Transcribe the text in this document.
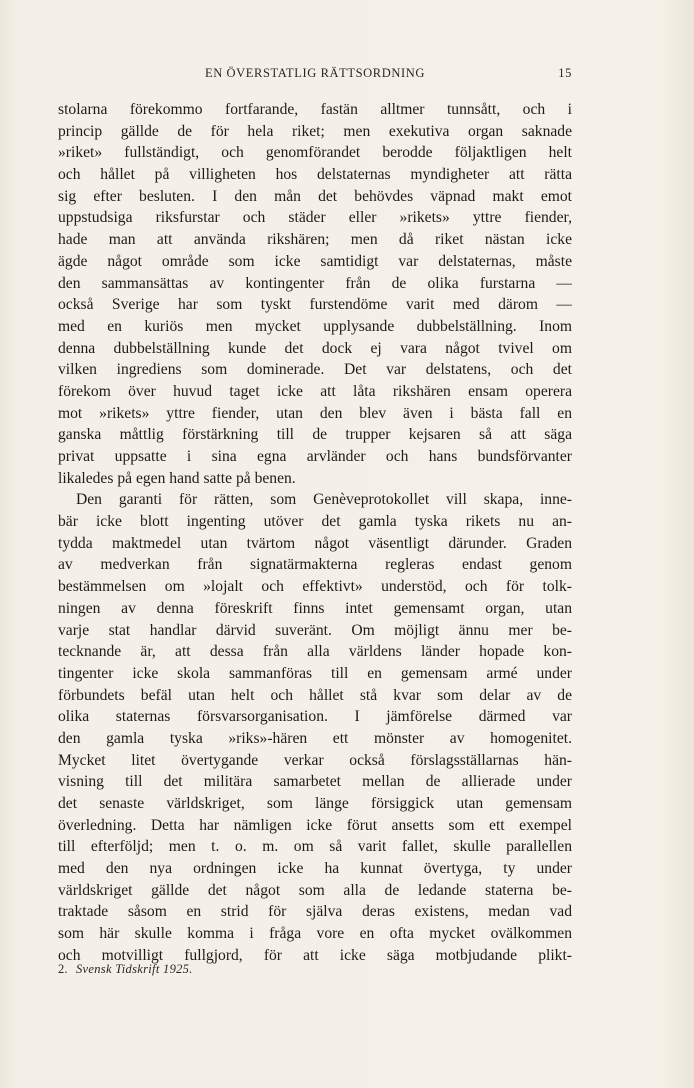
EN ÖVERSTATLIG RÄTTSORDNING	15
stolarna förekommo fortfarande, fastän alltmer tunnsått, och i
princip gällde de för hela riket; men exekutiva organ saknade
»riket» fullständigt, och genomförandet berodde följaktligen helt
och hållet på villigheten hos delstaternas myndigheter att rätta
sig efter besluten. I den mån det behövdes väpnad makt emot
uppstudsiga riksfurstar och städer eller »rikets» yttre fiender,
hade man att använda rikshären; men då riket nästan icke
ägde något område som icke samtidigt var delstaternas, måste
den sammansättas av kontingenter från de olika furstarna —
också Sverige har som tyskt furstendöme varit med därom —
med en kuriös men mycket upplysande dubbelställning. Inom
denna dubbelställning kunde det dock ej vara något tvivel om
vilken ingrediens som dominerade. Det var delstatens, och det
förekom över huvud taget icke att låta rikshären ensam operera
mot »rikets» yttre fiender, utan den blev även i bästa fall en
ganska måttlig förstärkning till de trupper kejsaren så att säga
privat uppsatte i sina egna arvländer och hans bundsförvanter
likaledes på egen hand satte på benen.
Den garanti för rätten, som Genèveprotokollet vill skapa, inne-
bär icke blott ingenting utöver det gamla tyska rikets nu an-
tydda maktmedel utan tvärtom något väsentligt därunder. Graden
av medverkan från signatärmakterna regleras endast genom
bestämmelsen om »lojalt och effektivt» understöd, och för tolk-
ningen av denna föreskrift finns intet gemensamt organ, utan
varje stat handlar därvid suveränt. Om möjligt ännu mer be-
tecknande är, att dessa från alla världens länder hopade kon-
tingenter icke skola sammanföras till en gemensam armé under
förbundets befäl utan helt och hållet stå kvar som delar av de
olika staternas försvarsorganisation. I jämförelse därmed var
den gamla tyska »riks»-hären ett mönster av homogenitet.
Mycket litet övertygande verkar också förslagsställarnas hän-
visning till det militära samarbetet mellan de allierade under
det senaste världskriget, som länge försiggick utan gemensam
överledning. Detta har nämligen icke förut ansetts som ett exempel
till efterföljd; men t. o. m. om så varit fallet, skulle parallellen
med den nya ordningen icke ha kunnat övertyga, ty under
världskriget gällde det något som alla de ledande staterna be-
traktade såsom en strid för själva deras existens, medan vad
som här skulle komma i fråga vore en ofta mycket ovälkommen
och motvilligt fullgjord, för att icke säga motbjudande plikt-
2. Svensk Tidskrift 1925.
